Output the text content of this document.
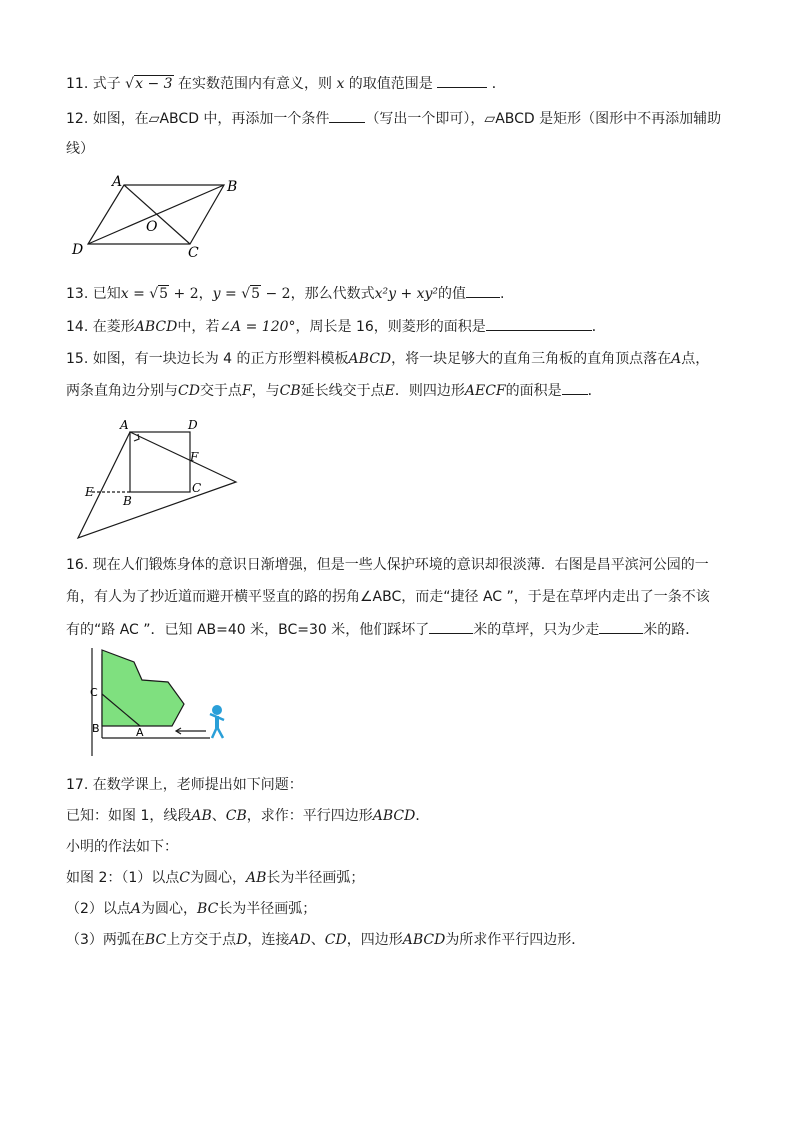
11. 式子 √x − 3 在实数范围内有意义，则 x 的取值范围是	．
12. 如图，在▱ABCD 中，再添加一个条件	（写出一个即可），▱ABCD 是矩形（图形中不再添加辅助
线）
A	B
C
D
O
13. 已知x = √5 + 2，y = √5 − 2，那么代数式x²y + xy²的值 .
14. 在菱形ABCD中，若∠A = 120°，周长是 16，则菱形的面积是	．
15. 如图，有一块边长为 4 的正方形塑料模板ABCD，将一块足够大的直角三角板的直角顶点落在A点，
两条直角边分别与CD交于点F，与CB延长线交于点E．则四边形AECF的面积是 ．
A	D
F
C
B
E
16. 现在人们锻炼身体的意识日渐增强，但是一些人保护环境的意识却很淡薄．右图是昌平滨河公园的一
角，有人为了抄近道而避开横平竖直的路的拐角∠ABC，而走“捷径 AC ”，于是在草坪内走出了一条不该
有的“路 AC ”．已知 AB=40 米，BC=30 米，他们踩坏了	米的草坪，只为少走	米的路．
C
B	A
17. 在数学课上，老师提出如下问题：
已知：如图 1，线段AB、CB，求作：平行四边形ABCD．
小明的作法如下：
如图 2：（1）以点C为圆心，AB长为半径画弧；
（2）以点A为圆心，BC长为半径画弧；
（3）两弧在BC上方交于点D，连接AD、CD，四边形ABCD为所求作平行四边形．
